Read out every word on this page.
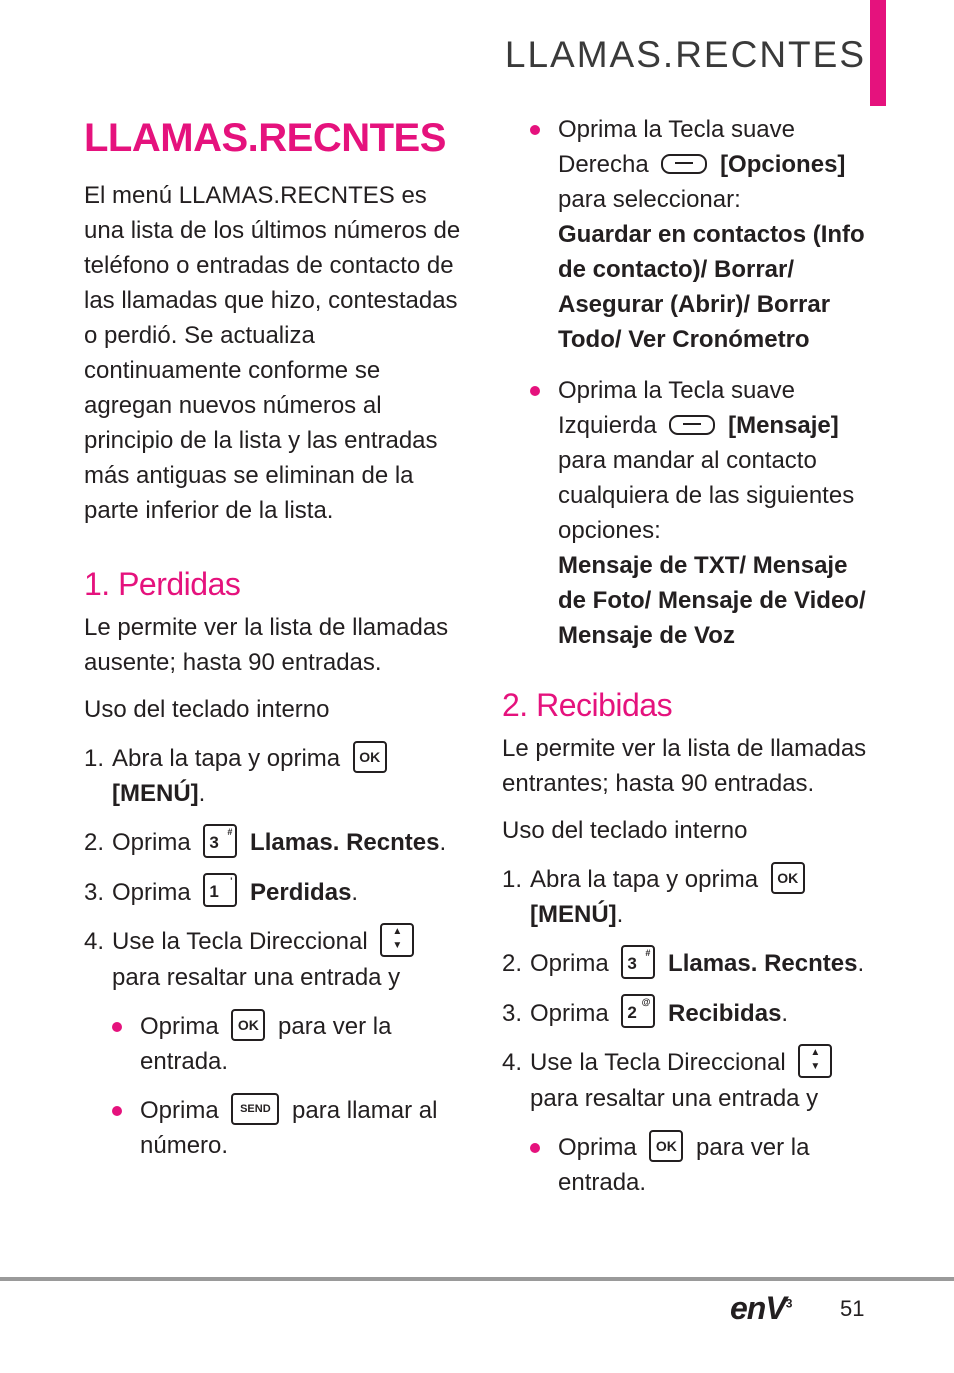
LLAMAS.RECNTES
LLAMAS.RECNTES

El menú LLAMAS.RECNTES es una lista de los últimos números de teléfono o entradas de contacto de las llamadas que hizo, contestadas o perdió. Se actualiza continuamente conforme se agregan nuevos números al principio de la lista y las entradas más antiguas se eliminan de la parte inferior de la lista.

1. Perdidas

Le permite ver la lista de llamadas ausente; hasta 90 entradas.

Uso del teclado interno

1. Abra la tapa y oprima OK [MENÚ].
2. Oprima 3
# Llamas. Recntes.
3. Oprima 1
' Perdidas.
4. Use la Tecla Direccional ▲
▼ para resaltar una entrada y
Oprima OK para ver la entrada.
Oprima SEND para llamar al número.
Oprima la Tecla suave Derecha	[Opciones] para seleccionar:
Guardar en contactos (Info de contacto)/ Borrar/ Asegurar (Abrir)/ Borrar Todo/ Ver Cronómetro
Oprima la Tecla suave Izquierda	[Mensaje] para mandar al contacto cualquiera de las siguientes opciones:
Mensaje de TXT/ Mensaje de Foto/ Mensaje de Video/ Mensaje de Voz
2. Recibidas

Le permite ver la lista de llamadas entrantes; hasta 90 entradas.

Uso del teclado interno

1. Abra la tapa y oprima OK [MENÚ].
2. Oprima 3
# Llamas. Recntes.
3. Oprima 2
@ Recibidas.
4. Use la Tecla Direccional ▲
▼ para resaltar una entrada y
Oprima OK para ver la entrada.
enV$^3$ 51
